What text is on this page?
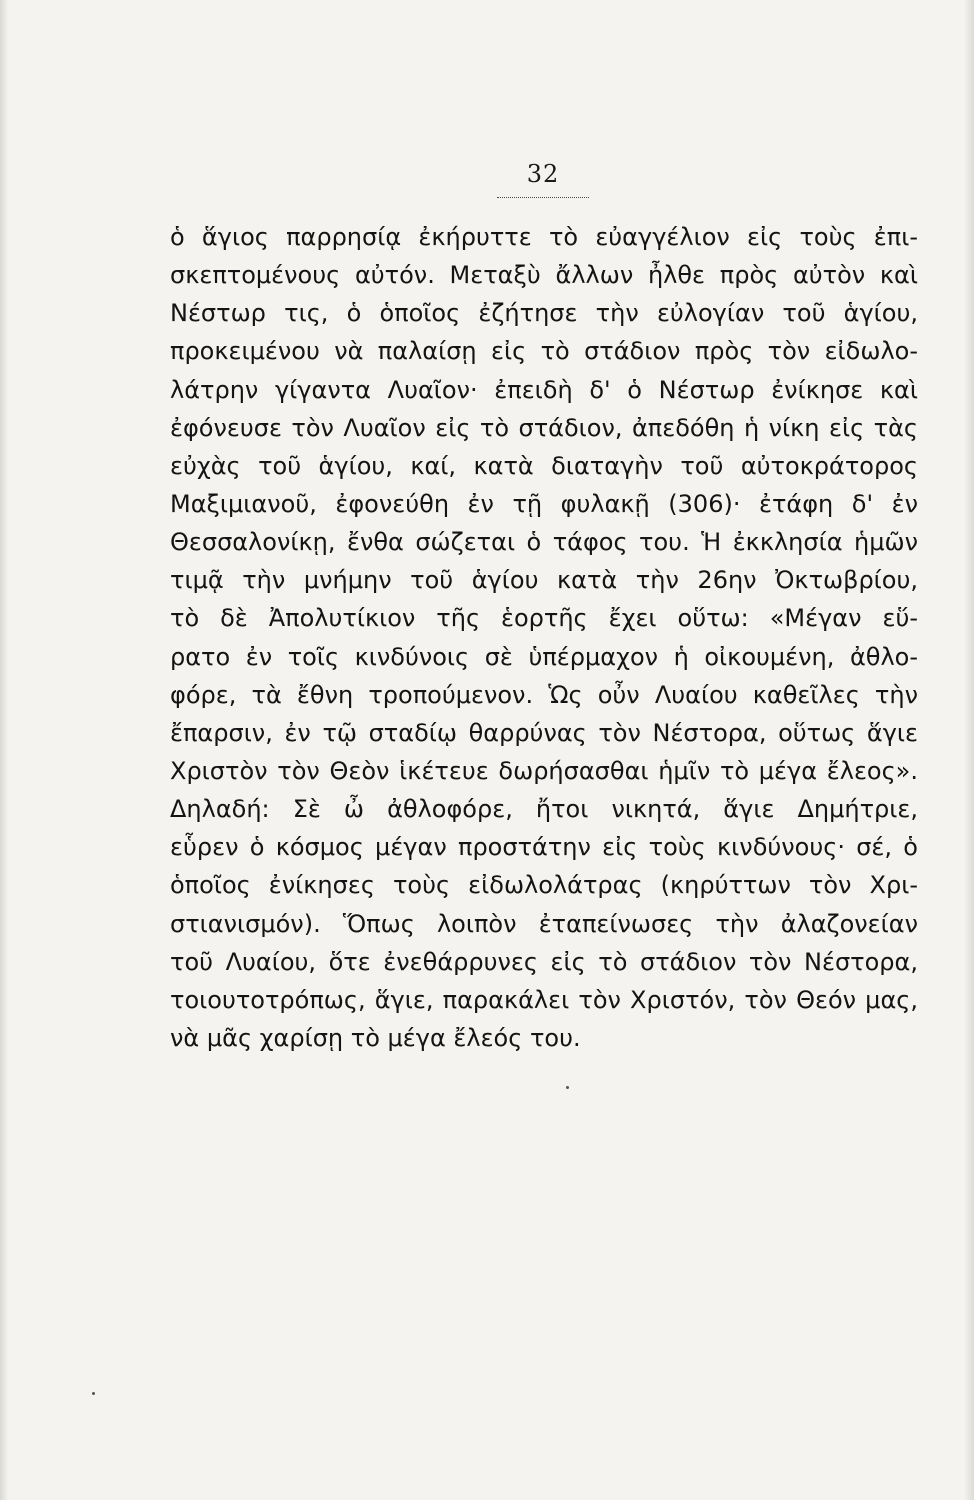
32
ὁ ἅγιος παρρησίᾳ ἐκήρυττε τὸ εὐαγγέλιον εἰς τοὺς ἐπι-
σκεπτομένους αὐτόν. Μεταξὺ ἄλλων ἦλθε πρὸς αὐτὸν καὶ
Νέστωρ τις, ὁ ὁποῖος ἐζήτησε τὴν εὐλογίαν τοῦ ἁγίου,
προκειμένου νὰ παλαίσῃ εἰς τὸ στάδιον πρὸς τὸν εἰδωλο-
λάτρην γίγαντα Λυαῖον· ἐπειδὴ δ' ὁ Νέστωρ ἐνίκησε καὶ
ἐφόνευσε τὸν Λυαῖον εἰς τὸ στάδιον, ἀπεδόθη ἡ νίκη εἰς τὰς
εὐχὰς τοῦ ἁγίου, καί, κατὰ διαταγὴν τοῦ αὐτοκράτορος
Μαξιμιανοῦ, ἐφονεύθη ἐν τῇ φυλακῇ (306)· ἐτάφη δ' ἐν
Θεσσαλονίκῃ, ἔνθα σώζεται ὁ τάφος του. Ἡ ἐκκλησία ἡμῶν
τιμᾷ τὴν μνήμην τοῦ ἁγίου κατὰ τὴν 26ην Ὀκτωβρίου,
τὸ δὲ Ἀπολυτίκιον τῆς ἑορτῆς ἔχει οὕτω: «Μέγαν εὕ-
ρατο ἐν τοῖς κινδύνοις σὲ ὑπέρμαχον ἡ οἰκουμένη, ἀθλο-
φόρε, τὰ ἔθνη τροπούμενον. Ὡς οὖν Λυαίου καθεῖλες τὴν
ἔπαρσιν, ἐν τῷ σταδίῳ θαρρύνας τὸν Νέστορα, οὕτως ἅγιε
Χριστὸν τὸν Θεὸν ἱκέτευε δωρήσασθαι ἡμῖν τὸ μέγα ἔλεος».
Δηλαδή: Σὲ ὦ ἀθλοφόρε, ἤτοι νικητά, ἅγιε Δημήτριε,
εὗρεν ὁ κόσμος μέγαν προστάτην εἰς τοὺς κινδύνους· σέ, ὁ
ὁποῖος ἐνίκησες τοὺς εἰδωλολάτρας (κηρύττων τὸν Χρι-
στιανισμόν). Ὅπως λοιπὸν ἐταπείνωσες τὴν ἀλαζονείαν
τοῦ Λυαίου, ὅτε ἐνεθάρρυνες εἰς τὸ στάδιον τὸν Νέστορα,
τοιουτοτρόπως, ἅγιε, παρακάλει τὸν Χριστόν, τὸν Θεόν μας,
νὰ μᾶς χαρίσῃ τὸ μέγα ἔλεός του.
